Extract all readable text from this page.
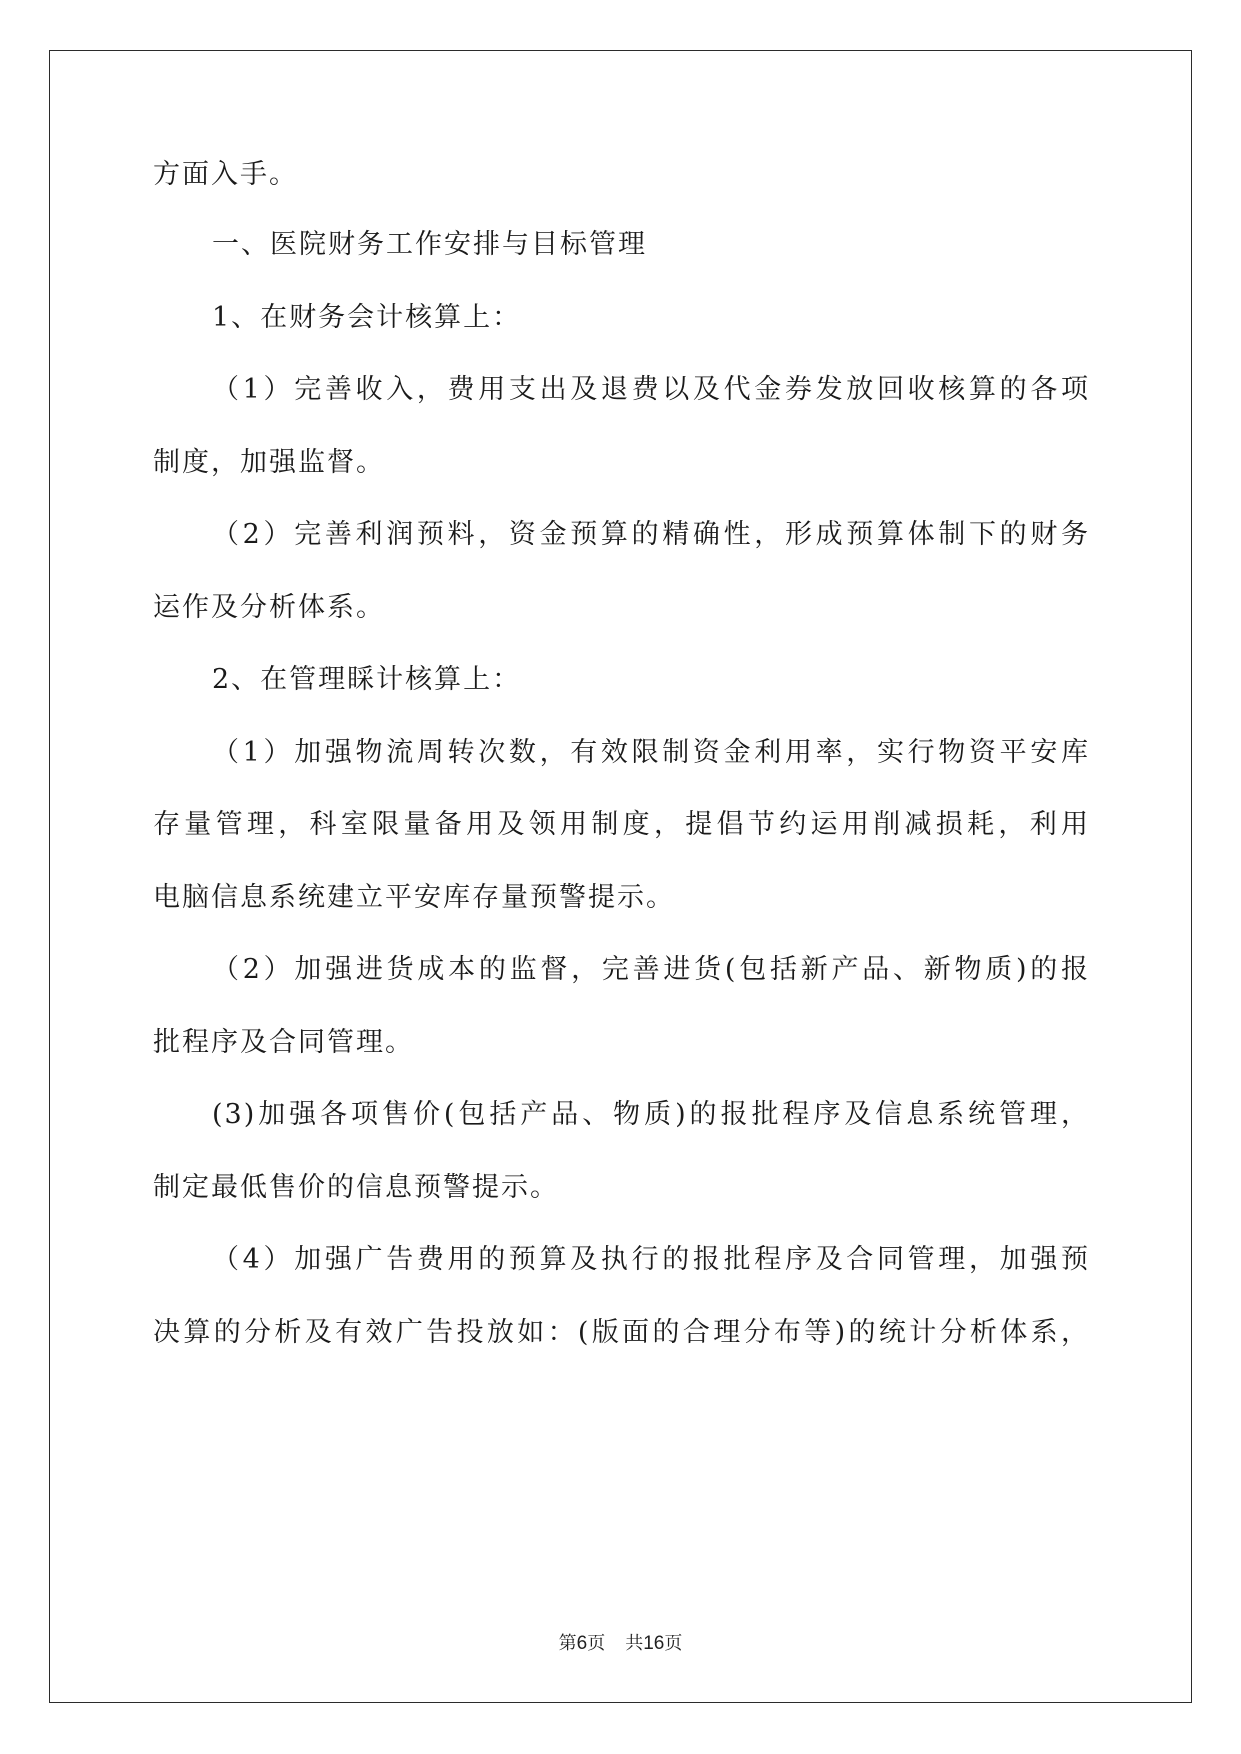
方面入手。
一、医院财务工作安排与目标管理
1、在财务会计核算上：
（1）完善收入，费用支出及退费以及代金券发放回收核算的各项
制度，加强监督。
（2）完善利润预料，资金预算的精确性，形成预算体制下的财务
运作及分析体系。
2、在管理睬计核算上：
（1）加强物流周转次数，有效限制资金利用率，实行物资平安库
存量管理，科室限量备用及领用制度，提倡节约运用削减损耗，利用
电脑信息系统建立平安库存量预警提示。
（2）加强进货成本的监督，完善进货(包括新产品、新物质)的报
批程序及合同管理。
(3)加强各项售价(包括产品、物质)的报批程序及信息系统管理，
制定最低售价的信息预警提示。
（4）加强广告费用的预算及执行的报批程序及合同管理，加强预
决算的分析及有效广告投放如：(版面的合理分布等)的统计分析体系，
第6页 共16页
